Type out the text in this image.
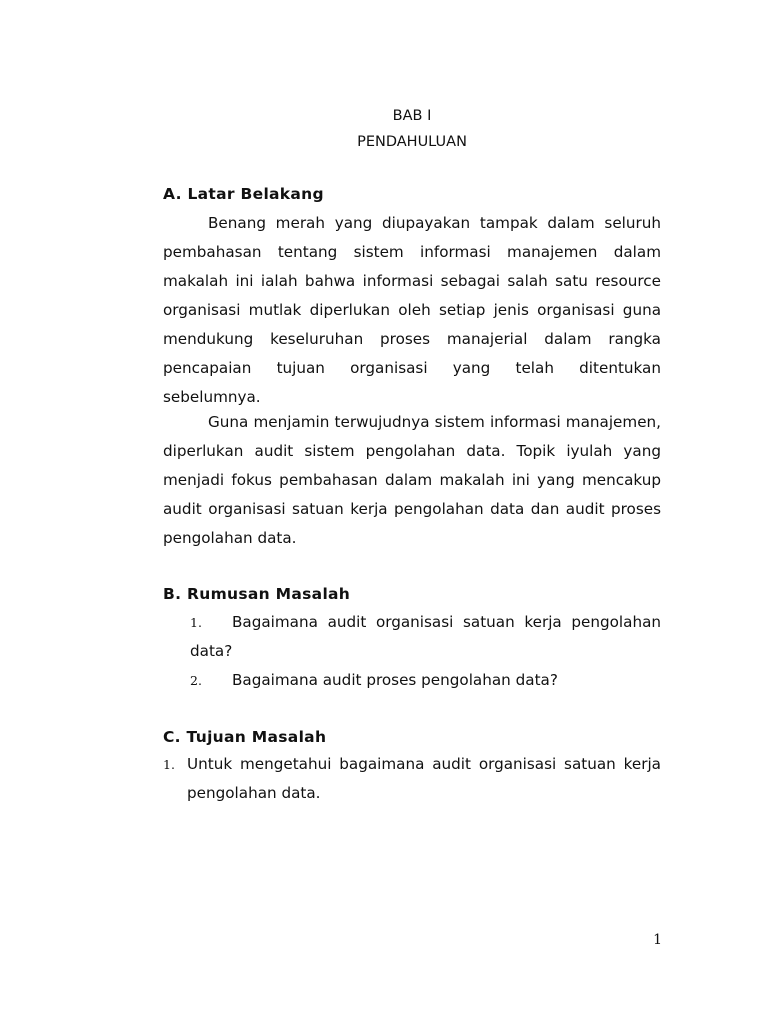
BAB I
PENDAHULUAN
A. Latar Belakang

Benang merah yang diupayakan tampak dalam seluruh pembahasan tentang sistem informasi manajemen dalam makalah ini ialah bahwa informasi sebagai salah satu resource organisasi mutlak diperlukan oleh setiap jenis organisasi guna mendukung keseluruhan proses manajerial dalam rangka pencapaian tujuan organisasi yang telah ditentukan sebelumnya.

Guna menjamin terwujudnya sistem informasi manajemen, diperlukan audit sistem pengolahan data. Topik iyulah yang menjadi fokus pembahasan dalam makalah ini yang mencakup audit organisasi satuan kerja pengolahan data dan audit proses pengolahan data.

B. Rumusan Masalah
1.	Bagaimana audit organisasi satuan kerja pengolahan data?
2.	Bagaimana audit proses pengolahan data?
C. Tujuan Masalah
1. Untuk mengetahui bagaimana audit organisasi satuan kerja pengolahan data.
1
